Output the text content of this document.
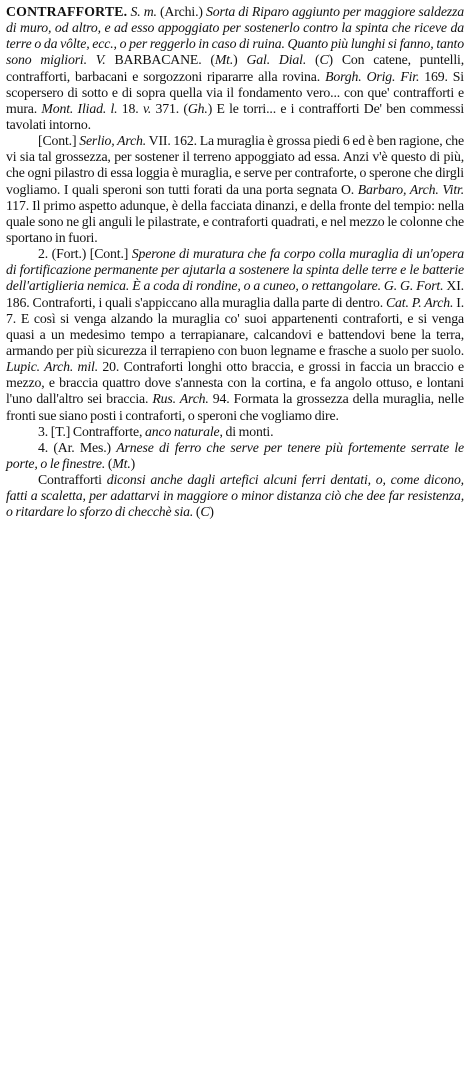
CONTRAFFORTE. S. m. (Archi.) Sorta di Riparo aggiunto per maggiore saldezza di muro, od altro, e ad esso appoggiato per sostenerlo contro la spinta che riceve da terre o da vôlte, ecc., o per reggerlo in caso di ruina. Quanto più lunghi si fanno, tanto sono migliori. V. BARBACANE. (Mt.) Gal. Dial. (C) Con catene, puntelli, contrafforti, barbacani e sorgozzoni ripararre alla rovina. Borgh. Orig. Fir. 169. Si scopersero di sotto e di sopra quella via il fondamento vero... con que' contrafforti e mura. Mont. Iliad. l. 18. v. 371. (Gh.) E le torri... e i contrafforti De' ben commessi tavolati intorno.

[Cont.] Serlio, Arch. VII. 162. La muraglia è grossa piedi 6 ed è ben ragione, che vi sia tal grossezza, per sostener il terreno appoggiato ad essa. Anzi v'è questo di più, che ogni pilastro di essa loggia è muraglia, e serve per contraforte, o sperone che dirgli vogliamo. I quali speroni son tutti forati da una porta segnata O. Barbaro, Arch. Vitr. 117. Il primo aspetto adunque, è della facciata dinanzi, e della fronte del tempio: nella quale sono ne gli anguli le pilastrate, e contraforti quadrati, e nel mezzo le colonne che sportano in fuori.

2. (Fort.) [Cont.] Sperone di muratura che fa corpo colla muraglia di un'opera di fortificazione permanente per ajutarla a sostenere la spinta delle terre e le batterie dell'artiglieria nemica. È a coda di rondine, o a cuneo, o rettangolare. G. G. Fort. XI. 186. Contraforti, i quali s'appiccano alla muraglia dalla parte di dentro. Cat. P. Arch. I. 7. E così si venga alzando la muraglia co' suoi appartenenti contraforti, e si venga quasi a un medesimo tempo a terrapianare, calcandovi e battendovi bene la terra, armando per più sicurezza il terrapieno con buon legname e frasche a suolo per suolo. Lupic. Arch. mil. 20. Contraforti longhi otto braccia, e grossi in faccia un braccio e mezzo, e braccia quattro dove s'annesta con la cortina, e fa angolo ottuso, e lontani l'uno dall'altro sei braccia. Rus. Arch. 94. Formata la grossezza della muraglia, nelle fronti sue siano posti i contraforti, o speroni che vogliamo dire.

3. [T.] Contrafforte, anco naturale, di monti.

4. (Ar. Mes.) Arnese di ferro che serve per tenere più fortemente serrate le porte, o le finestre. (Mt.)

Contrafforti diconsi anche dagli artefici alcuni ferri dentati, o, come dicono, fatti a scaletta, per adattarvi in maggiore o minor distanza ciò che dee far resistenza, o ritardare lo sforzo di checchè sia. (C)
